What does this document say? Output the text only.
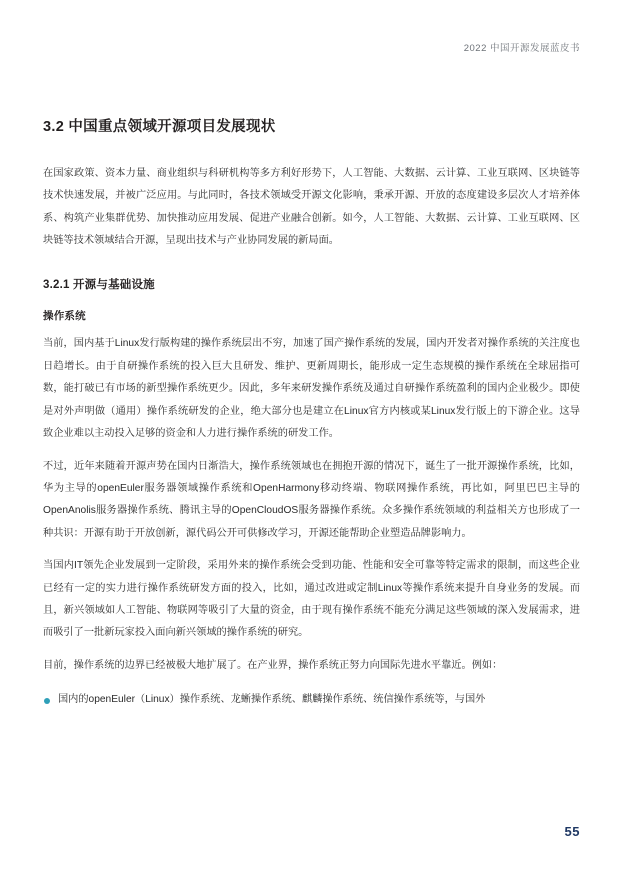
2022 中国开源发展蓝皮书
3.2 中国重点领域开源项目发展现状

在国家政策、资本力量、商业组织与科研机构等多方利好形势下，人工智能、大数据、云计算、工业互联网、区块链等技术快速发展，并被广泛应用。与此同时，各技术领域受开源文化影响，秉承开源、开放的态度建设多层次人才培养体系、构筑产业集群优势、加快推动应用发展、促进产业融合创新。如今，人工智能、大数据、云计算、工业互联网、区块链等技术领域结合开源，呈现出技术与产业协同发展的新局面。

3.2.1 开源与基础设施
操作系统

当前，国内基于Linux发行版构建的操作系统层出不穷，加速了国产操作系统的发展，国内开发者对操作系统的关注度也日趋增长。由于自研操作系统的投入巨大且研发、维护、更新周期长，能形成一定生态规模的操作系统在全球屈指可数，能打破已有市场的新型操作系统更少。因此，多年来研发操作系统及通过自研操作系统盈利的国内企业极少。即使是对外声明做（通用）操作系统研发的企业，绝大部分也是建立在Linux官方内核或某Linux发行版上的下游企业。这导致企业难以主动投入足够的资金和人力进行操作系统的研发工作。

不过，近年来随着开源声势在国内日渐浩大，操作系统领域也在拥抱开源的情况下，诞生了一批开源操作系统，比如，华为主导的openEuler服务器领域操作系统和OpenHarmony移动终端、物联网操作系统，再比如，阿里巴巴主导的OpenAnolis服务器操作系统、腾讯主导的OpenCloudOS服务器操作系统。众多操作系统领域的利益相关方也形成了一种共识：开源有助于开放创新，源代码公开可供修改学习，开源还能帮助企业塑造品牌影响力。

当国内IT领先企业发展到一定阶段，采用外来的操作系统会受到功能、性能和安全可靠等特定需求的限制，而这些企业已经有一定的实力进行操作系统研发方面的投入，比如，通过改进或定制Linux等操作系统来提升自身业务的发展。而且，新兴领域如人工智能、物联网等吸引了大量的资金，由于现有操作系统不能充分满足这些领域的深入发展需求，进而吸引了一批新玩家投入面向新兴领域的操作系统的研究。

目前，操作系统的边界已经被极大地扩展了。在产业界，操作系统正努力向国际先进水平靠近。例如：

国内的openEuler（Linux）操作系统、龙蜥操作系统、麒麟操作系统、统信操作系统等，与国外
55
